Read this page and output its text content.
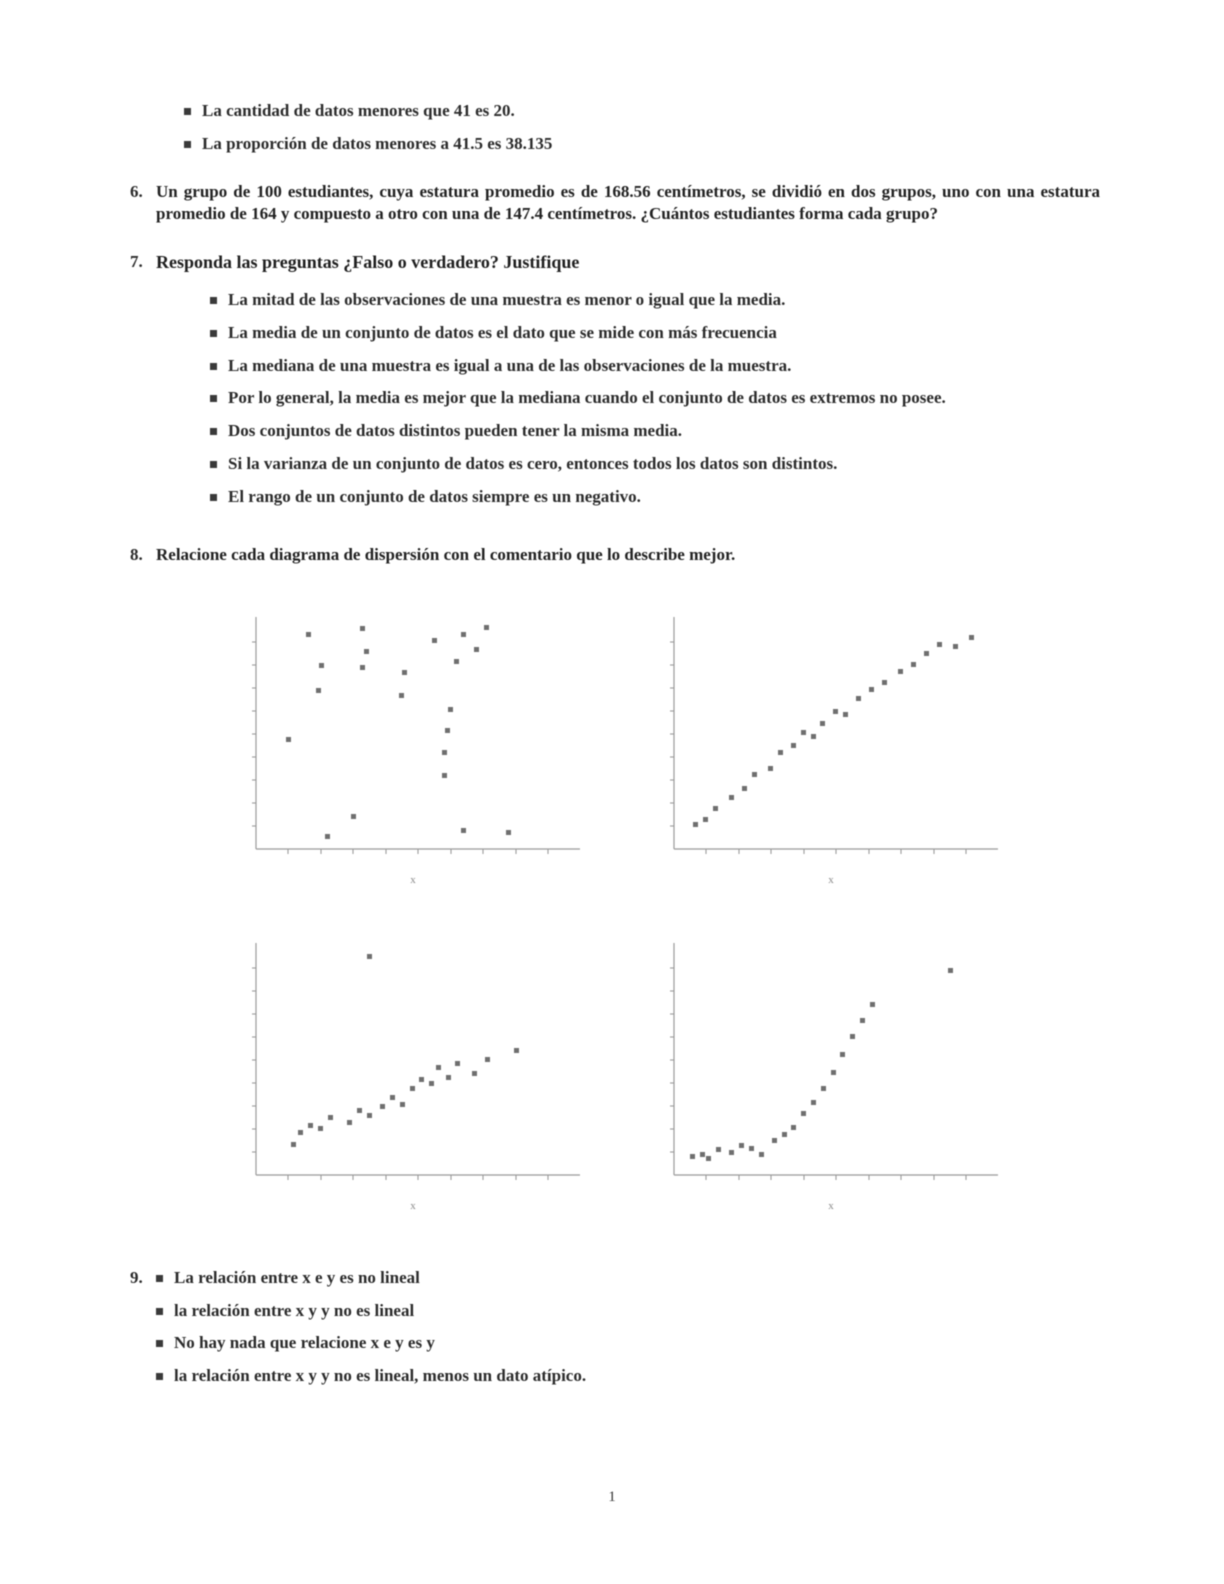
La cantidad de datos menores que 41 es 20.
La proporción de datos menores a 41.5 es 38.135
6. Un grupo de 100 estudiantes, cuya estatura promedio es de 168.56 centímetros, se dividió en dos grupos, uno con una estatura promedio de 164 y compuesto a otro con una de 147.4 centímetros. ¿Cuántos estudiantes forma cada grupo?
7. Responda las preguntas ¿Falso o verdadero? Justifique
La mitad de las observaciones de una muestra es menor o igual que la media.
La media de un conjunto de datos es el dato que se mide con más frecuencia
La mediana de una muestra es igual a una de las observaciones de la muestra.
Por lo general, la media es mejor que la mediana cuando el conjunto de datos es extremos no posee.
Dos conjuntos de datos distintos pueden tener la misma media.
Si la varianza de un conjunto de datos es cero, entonces todos los datos son distintos.
El rango de un conjunto de datos siempre es un negativo.
8. Relacione cada diagrama de dispersión con el comentario que lo describe mejor.
x	x
x	x
9.	La relación entre x e y es no lineal
la relación entre x y y no es lineal
No hay nada que relacione x e y es y
la relación entre x y y no es lineal, menos un dato atípico.
1
